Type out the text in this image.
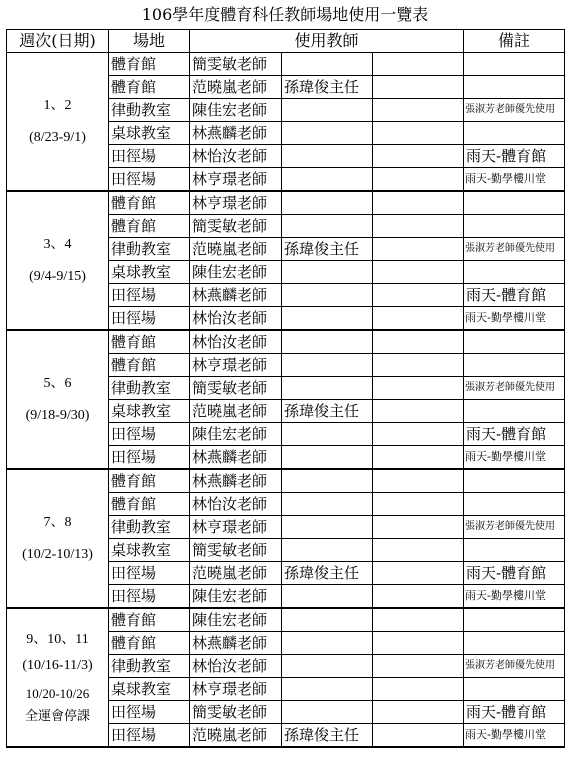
106學年度體育科任教師場地使用一覽表
週次(日期)	場地	使用教師			備註

1、2
(8/23-9/1)	體育館	簡雯敏老師			
	體育館	范曉嵐老師	孫瑋俊主任		
	律動教室	陳佳宏老師			張淑芳老師優先使用
	桌球教室	林燕麟老師			
	田徑場	林怡汝老師			雨天-體育館
	田徑場	林亨璟老師			雨天-勤學樓川堂

3、4
(9/4-9/15)	體育館	林亨璟老師			
	體育館	簡雯敏老師			
	律動教室	范曉嵐老師	孫瑋俊主任		張淑芳老師優先使用
	桌球教室	陳佳宏老師			
	田徑場	林燕麟老師			雨天-體育館
	田徑場	林怡汝老師			雨天-勤學樓川堂

5、6
(9/18-9/30)	體育館	林怡汝老師			
	體育館	林亨璟老師			
	律動教室	簡雯敏老師			張淑芳老師優先使用
	桌球教室	范曉嵐老師	孫瑋俊主任		
	田徑場	陳佳宏老師			雨天-體育館
	田徑場	林燕麟老師			雨天-勤學樓川堂

7、8
(10/2-10/13)	體育館	林燕麟老師			
	體育館	林怡汝老師			
	律動教室	林亨璟老師			張淑芳老師優先使用
	桌球教室	簡雯敏老師			
	田徑場	范曉嵐老師	孫瑋俊主任		雨天-體育館
	田徑場	陳佳宏老師			雨天-勤學樓川堂

9、10、11
(10/16-11/3)
10/20-10/26
全運會停課	體育館	陳佳宏老師			
	體育館	林燕麟老師			
	律動教室	林怡汝老師			張淑芳老師優先使用
	桌球教室	林亨璟老師			
	田徑場	簡雯敏老師			雨天-體育館
	田徑場	范曉嵐老師	孫瑋俊主任		雨天-勤學樓川堂
